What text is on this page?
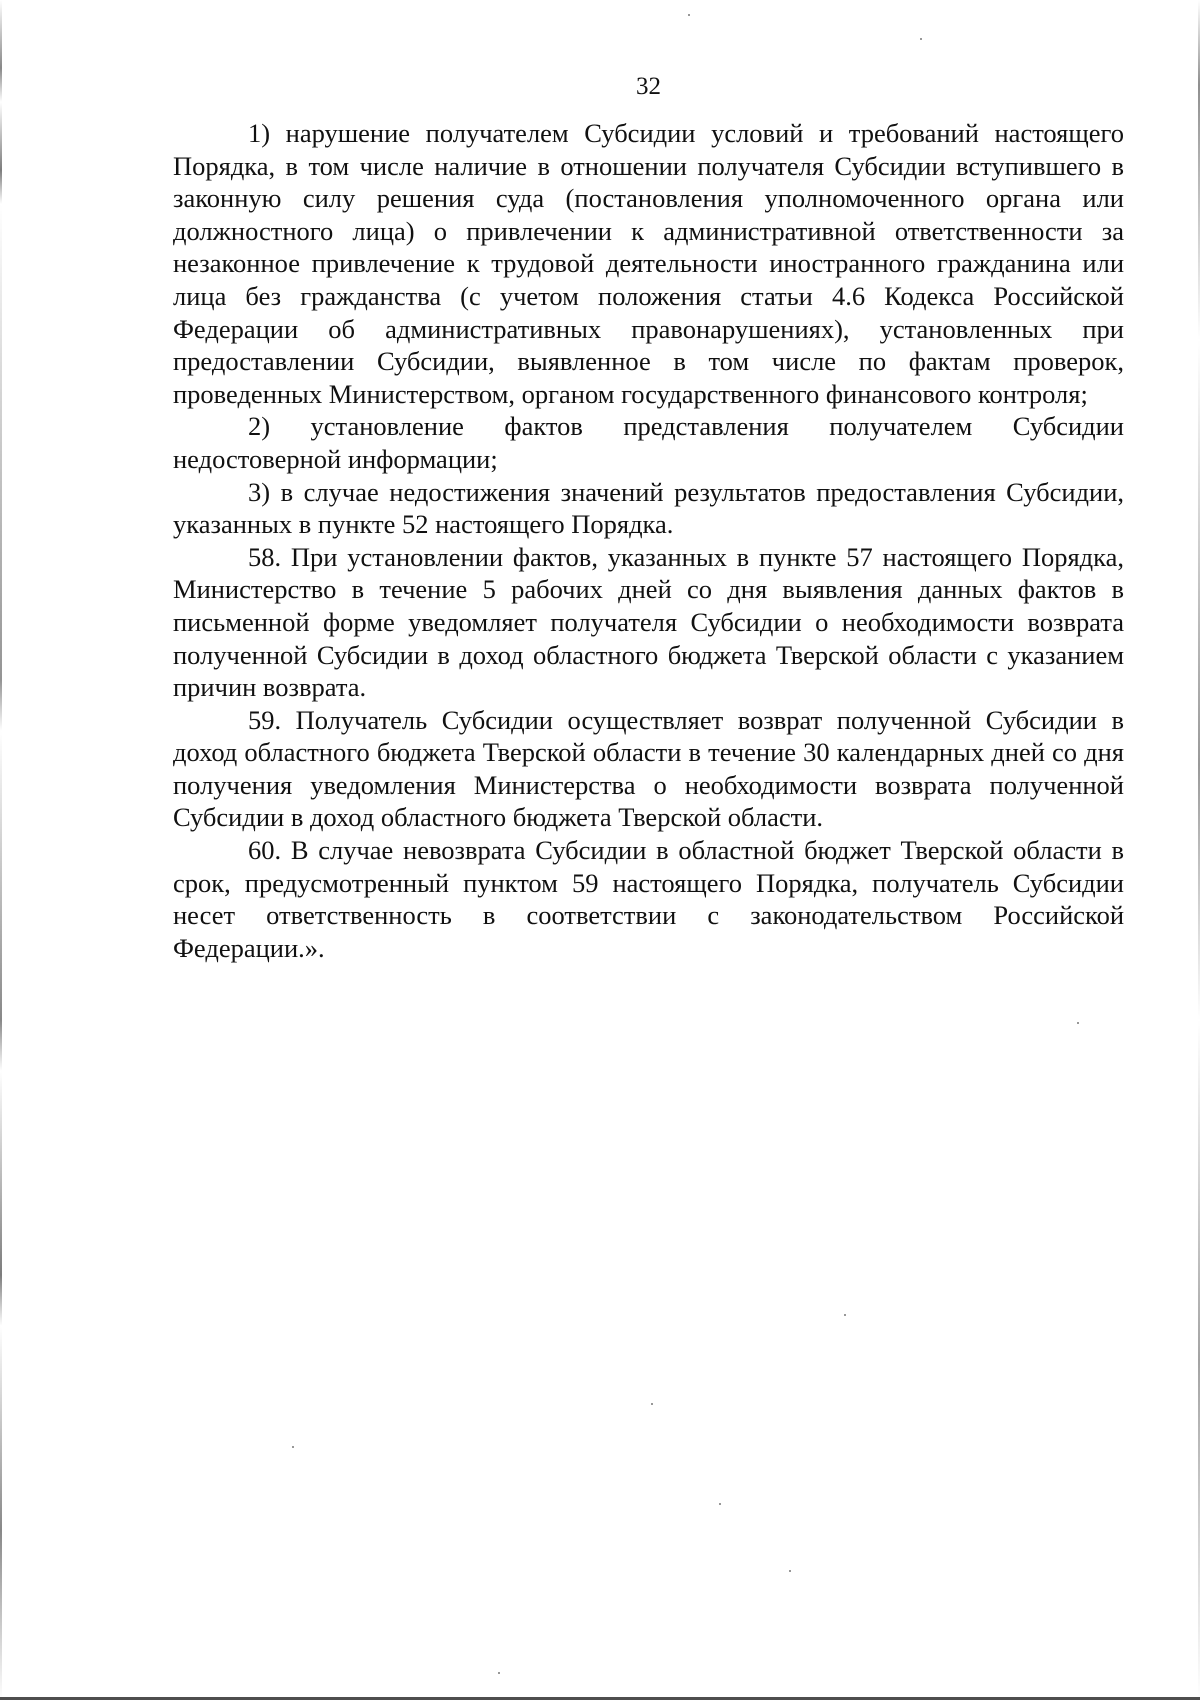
32

1) нарушение получателем Субсидии условий и требований настоящего Порядка, в том числе наличие в отношении получателя Субсидии вступившего в законную силу решения суда (постановления уполномоченного органа или должностного лица) о привлечении к административной ответственности за незаконное привлечение к трудовой деятельности иностранного гражданина или лица без гражданства (с учетом положения статьи 4.6 Кодекса Российской Федерации об административных правонарушениях), установленных при предоставлении Субсидии, выявленное в том числе по фактам проверок, проведенных Министерством, органом государственного финансового контроля;

2) установление фактов представления получателем Субсидии недостоверной информации;

3) в случае недостижения значений результатов предоставления Субсидии, указанных в пункте 52 настоящего Порядка.

58. При установлении фактов, указанных в пункте 57 настоящего Порядка, Министерство в течение 5 рабочих дней со дня выявления данных фактов в письменной форме уведомляет получателя Субсидии о необходимости возврата полученной Субсидии в доход областного бюджета Тверской области с указанием причин возврата.

59. Получатель Субсидии осуществляет возврат полученной Субсидии в доход областного бюджета Тверской области в течение 30 календарных дней со дня получения уведомления Министерства о необходимости возврата полученной Субсидии в доход областного бюджета Тверской области.

60. В случае невозврата Субсидии в областной бюджет Тверской области в срок, предусмотренный пунктом 59 настоящего Порядка, получатель Субсидии несет ответственность в соответствии с законодательством Российской Федерации.».
